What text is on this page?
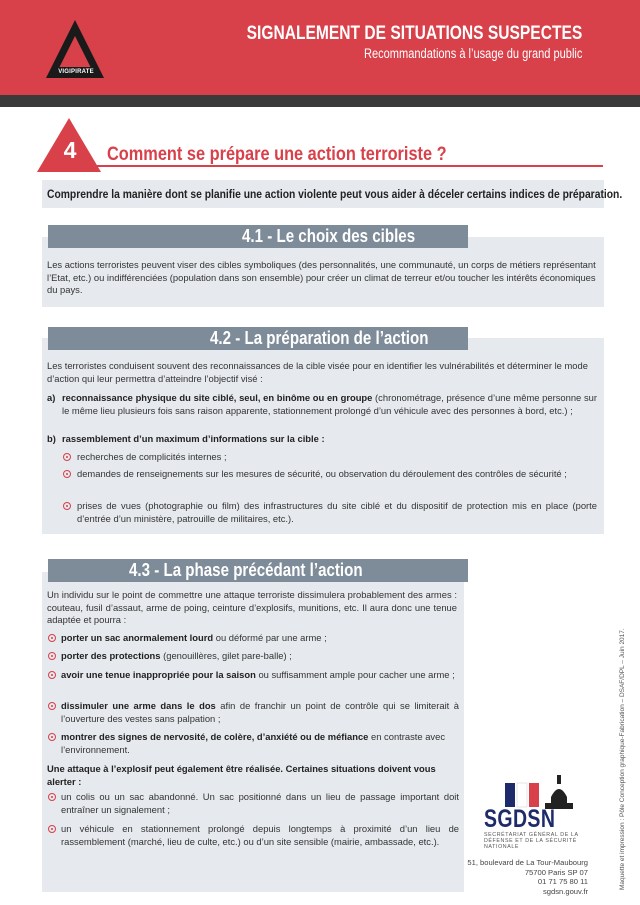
VIGIPIRATE
SIGNALEMENT DE SITUATIONS SUSPECTES
Recommandations à l’usage du grand public
4 Comment se prépare une action terroriste ?
Comprendre la manière dont se planifie une action violente peut vous aider à déceler certains indices de préparation.
4.1 - Le choix des cibles
Les actions terroristes peuvent viser des cibles symboliques (des personnalités, une communauté, un corps de métiers représentant l’Etat, etc.) ou indifférenciées (population dans son ensemble) pour créer un climat de terreur et/ou toucher les intérêts économiques du pays.
4.2 - La préparation de l’action
Les terroristes conduisent souvent des reconnaissances de la cible visée pour en identifier les vulnérabilités et déterminer le mode d’action qui leur permettra d’atteindre l’objectif visé :
a) reconnaissance physique du site ciblé, seul, en binôme ou en groupe (chronométrage, présence d’une même personne sur le même lieu plusieurs fois sans raison apparente, stationnement prolongé d’un véhicule avec des personnes à bord, etc.) ;
b) rassemblement d’un maximum d’informations sur la cible :
recherches de complicités internes ;
demandes de renseignements sur les mesures de sécurité, ou observation du déroulement des contrôles de sécurité ;
prises de vues (photographie ou film) des infrastructures du site ciblé et du dispositif de protection mis en place (porte d’entrée d’un ministère, patrouille de militaires, etc.).
4.3 - La phase précédant l’action
Un individu sur le point de commettre une attaque terroriste dissimulera probablement des armes : couteau, fusil d’assaut, arme de poing, ceinture d’explosifs, munitions, etc. Il aura donc une tenue adaptée et pourra :
porter un sac anormalement lourd ou déformé par une arme ;
porter des protections (genouillères, gilet pare-balle) ;
avoir une tenue inappropriée pour la saison ou suffisamment ample pour cacher une arme ;
dissimuler une arme dans le dos afin de franchir un point de contrôle qui se limiterait à l’ouverture des vestes sans palpation ;
montrer des signes de nervosité, de colère, d’anxiété ou de méfiance en contraste avec l’environnement.
Une attaque à l’explosif peut également être réalisée. Certaines situations doivent vous alerter :
un colis ou un sac abandonné. Un sac positionné dans un lieu de passage important doit entraîner un signalement ;
un véhicule en stationnement prolongé depuis longtemps à proximité d’un lieu de rassemblement (marché, lieu de culte, etc.) ou d’un site sensible (mairie, ambassade, etc.).
SGDSN
SECRÉTARIAT GÉNÉRAL DE LA DÉFENSE ET DE LA SÉCURITÉ NATIONALE
51, boulevard de La Tour-Maubourg
75700 Paris SP 07
01 71 75 80 11
sgdsn.gouv.fr
Maquette et impression : Pôle Conception graphique-Fabrication – DSAF/DPL – Juin 2017.
